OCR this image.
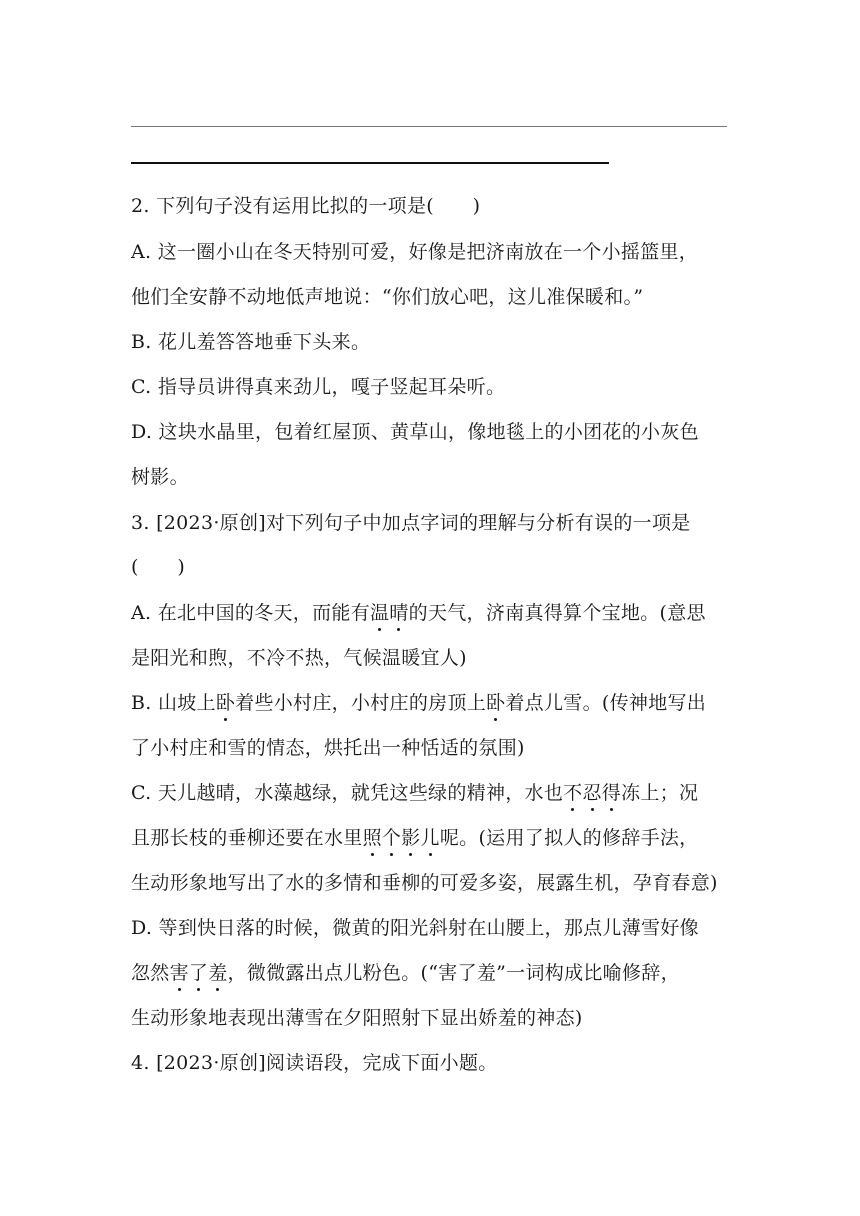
2. 下列句子没有运用比拟的一项是(　　)
A. 这一圈小山在冬天特别可爱，好像是把济南放在一个小摇篮里，
他们全安静不动地低声地说：“你们放心吧，这儿准保暖和。”
B. 花儿羞答答地垂下头来。
C. 指导员讲得真来劲儿，嘎子竖起耳朵听。
D. 这块水晶里，包着红屋顶、黄草山，像地毯上的小团花的小灰色
树影。
3. [2023·原创]对下列句子中加点字词的理解与分析有误的一项是
(　　)
A. 在北中国的冬天，而能有温晴的天气，济南真得算个宝地。(意思
是阳光和煦，不冷不热，气候温暖宜人)
B. 山坡上卧着些小村庄，小村庄的房顶上卧着点儿雪。(传神地写出
了小村庄和雪的情态，烘托出一种恬适的氛围)
C. 天儿越晴，水藻越绿，就凭这些绿的精神，水也不忍得冻上；况
且那长枝的垂柳还要在水里照个影儿呢。(运用了拟人的修辞手法，
生动形象地写出了水的多情和垂柳的可爱多姿，展露生机，孕育春意)
D. 等到快日落的时候，微黄的阳光斜射在山腰上，那点儿薄雪好像
忽然害了羞，微微露出点儿粉色。(“害了羞”一词构成比喻修辞，
生动形象地表现出薄雪在夕阳照射下显出娇羞的神态)
4. [2023·原创]阅读语段，完成下面小题。
